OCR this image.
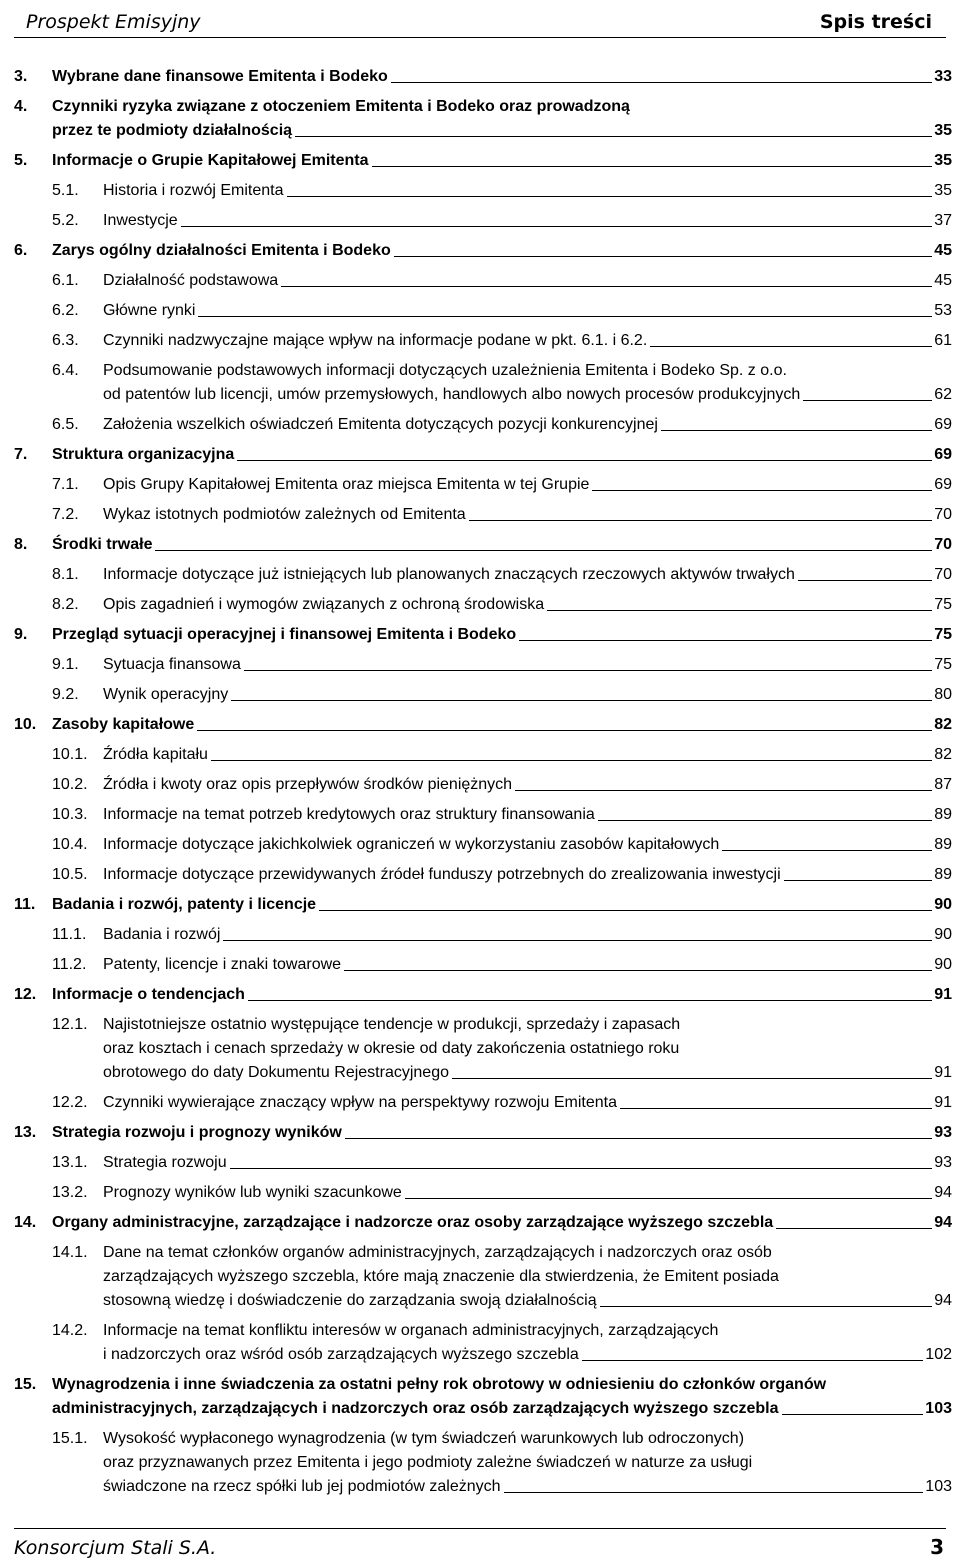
Prospekt Emisyjny	Spis treści
3. Wybrane dane finansowe Emitenta i Bodeko	33
4. Czynniki ryzyka związane z otoczeniem Emitenta i Bodeko oraz prowadzoną
przez te podmioty działalnością	35
5. Informacje o Grupie Kapitałowej Emitenta	35
5.1. Historia i rozwój Emitenta	35
5.2. Inwestycje	37
6. Zarys ogólny działalności Emitenta i Bodeko	45
6.1. Działalność podstawowa	45
6.2. Główne rynki	53
6.3. Czynniki nadzwyczajne mające wpływ na informacje podane w pkt. 6.1. i 6.2.	61
6.4. Podsumowanie podstawowych informacji dotyczących uzależnienia Emitenta i Bodeko Sp. z o.o.
od patentów lub licencji, umów przemysłowych, handlowych albo nowych procesów produkcyjnych	62
6.5. Założenia wszelkich oświadczeń Emitenta dotyczących pozycji konkurencyjnej	69
7. Struktura organizacyjna	69
7.1. Opis Grupy Kapitałowej Emitenta oraz miejsca Emitenta w tej Grupie	69
7.2. Wykaz istotnych podmiotów zależnych od Emitenta	70
8. Środki trwałe	70
8.1. Informacje dotyczące już istniejących lub planowanych znaczących rzeczowych aktywów trwałych	70
8.2. Opis zagadnień i wymogów związanych z ochroną środowiska	75
9. Przegląd sytuacji operacyjnej i finansowej Emitenta i Bodeko	75
9.1. Sytuacja finansowa	75
9.2. Wynik operacyjny	80
10. Zasoby kapitałowe	82
10.1. Źródła kapitału	82
10.2. Źródła i kwoty oraz opis przepływów środków pieniężnych	87
10.3. Informacje na temat potrzeb kredytowych oraz struktury finansowania	89
10.4. Informacje dotyczące jakichkolwiek ograniczeń w wykorzystaniu zasobów kapitałowych	89
10.5. Informacje dotyczące przewidywanych źródeł funduszy potrzebnych do zrealizowania inwestycji	89
11. Badania i rozwój, patenty i licencje	90
11.1. Badania i rozwój	90
11.2. Patenty, licencje i znaki towarowe	90
12. Informacje o tendencjach	91
12.1. Najistotniejsze ostatnio występujące tendencje w produkcji, sprzedaży i zapasach
oraz kosztach i cenach sprzedaży w okresie od daty zakończenia ostatniego roku
obrotowego do daty Dokumentu Rejestracyjnego	91
12.2. Czynniki wywierające znaczący wpływ na perspektywy rozwoju Emitenta	91
13. Strategia rozwoju i prognozy wyników	93
13.1. Strategia rozwoju	93
13.2. Prognozy wyników lub wyniki szacunkowe	94
14. Organy administracyjne, zarządzające i nadzorcze oraz osoby zarządzające wyższego szczebla	94
14.1. Dane na temat członków organów administracyjnych, zarządzających i nadzorczych oraz osób
zarządzających wyższego szczebla, które mają znaczenie dla stwierdzenia, że Emitent posiada
stosowną wiedzę i doświadczenie do zarządzania swoją działalnością	94
14.2. Informacje na temat konfliktu interesów w organach administracyjnych, zarządzających
i nadzorczych oraz wśród osób zarządzających wyższego szczebla	102
15. Wynagrodzenia i inne świadczenia za ostatni pełny rok obrotowy w odniesieniu do członków organów
administracyjnych, zarządzających i nadzorczych oraz osób zarządzających wyższego szczebla	103
15.1. Wysokość wypłaconego wynagrodzenia (w tym świadczeń warunkowych lub odroczonych)
oraz przyznawanych przez Emitenta i jego podmioty zależne świadczeń w naturze za usługi
świadczone na rzecz spółki lub jej podmiotów zależnych	103
Konsorcjum Stali S.A.	3
